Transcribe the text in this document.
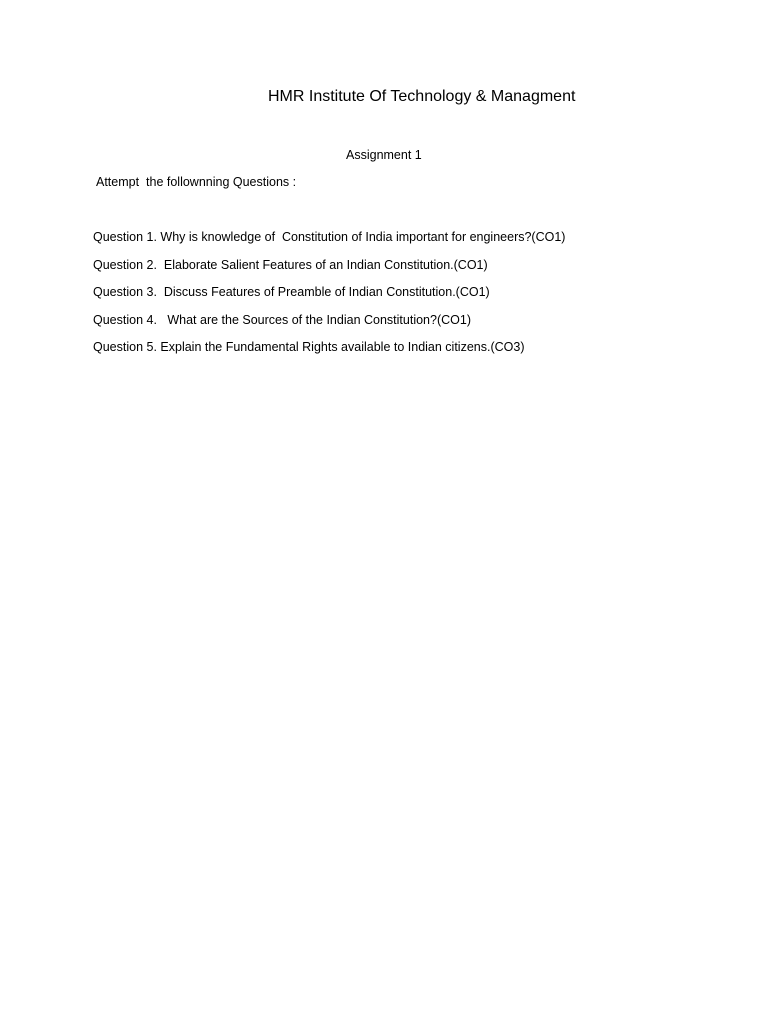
HMR Institute Of Technology & Managment
Assignment 1
Attempt  the follownning Questions :
Question 1. Why is knowledge of  Constitution of India important for engineers?(CO1)
Question 2.  Elaborate Salient Features of an Indian Constitution.(CO1)
Question 3.  Discuss Features of Preamble of Indian Constitution.(CO1)
Question 4.   What are the Sources of the Indian Constitution?(CO1)
Question 5. Explain the Fundamental Rights available to Indian citizens.(CO3)
